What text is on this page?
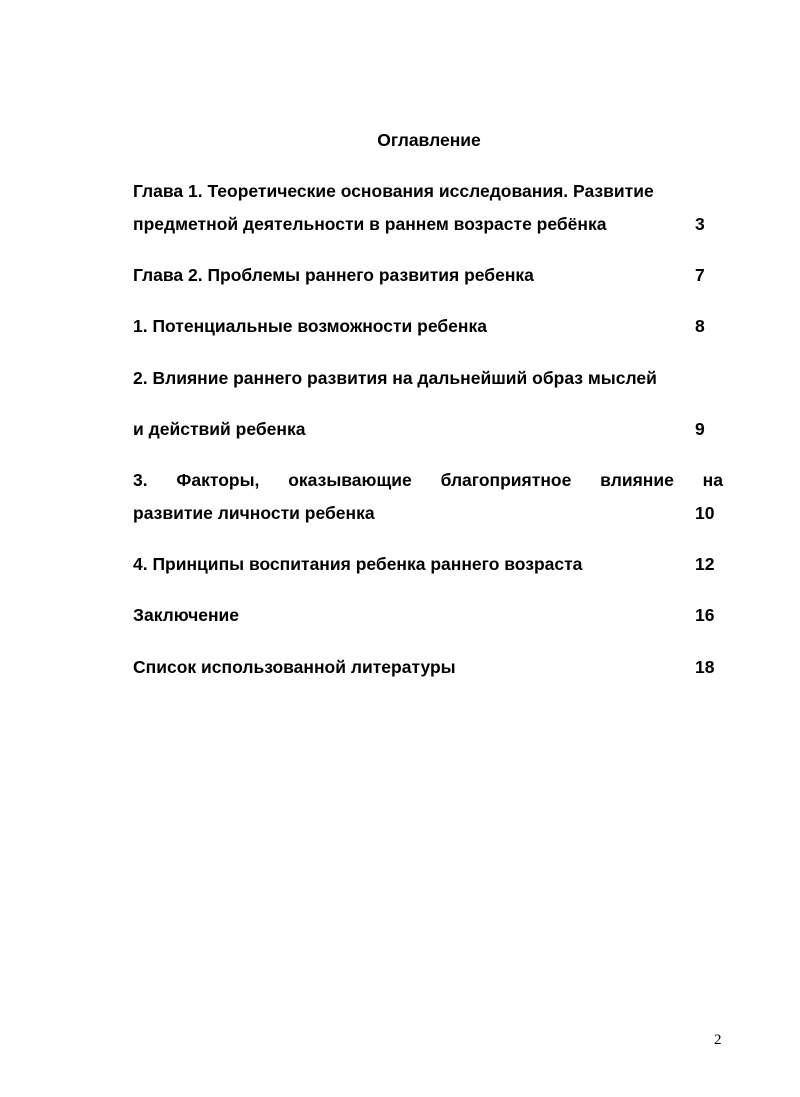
Оглавление
Глава 1. Теоретические основания исследования. Развитие
предметной деятельности в раннем возрасте ребёнка	3
Глава 2. Проблемы раннего развития ребенка	7
1. Потенциальные возможности ребенка	8
2. Влияние раннего развития на дальнейший образ мыслей
и действий ребенка	9
3. Факторы, оказывающие благоприятное влияние на
развитие личности ребенка	10
4. Принципы воспитания ребенка раннего возраста	12
Заключение	16
Список использованной литературы	18
2
